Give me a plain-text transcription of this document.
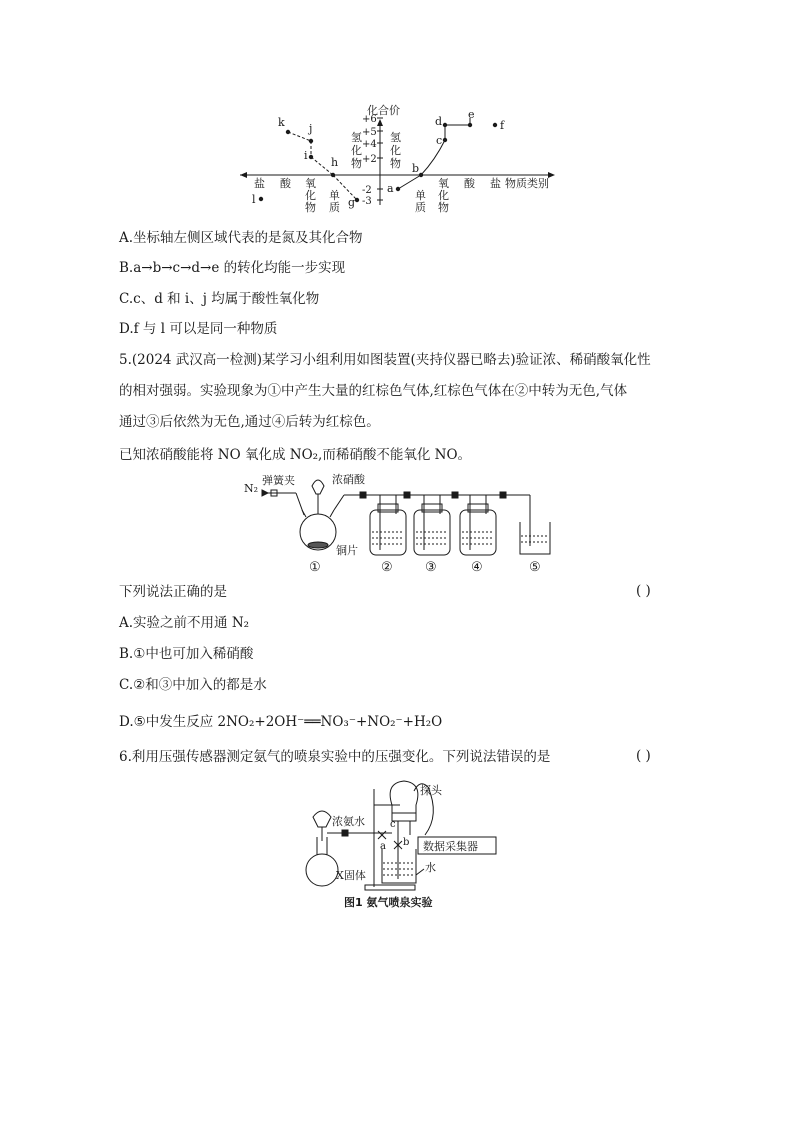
化合价
+6
+5
+4
+2
-2
-3
氢
化
物
氢
化
物
盐 酸 氧
化
物
单
质
单
质
氧
化
物
酸 盐 物质类别
k j
i
h
g
l
a
b
c
d
e
f
A.坐标轴左侧区域代表的是氮及其化合物
B.a→b→c→d→e 的转化均能一步实现
C.c、d 和 i、j 均属于酸性氧化物
D.f 与 l 可以是同一种物质
5.(2024 武汉高一检测)某学习小组利用如图装置(夹持仪器已略去)验证浓、稀硝酸氧化性
的相对强弱。实验现象为①中产生大量的红棕色气体,红棕色气体在②中转为无色,气体
通过③后依然为无色,通过④后转为红棕色。
已知浓硝酸能将 NO 氧化成 NO₂,而稀硝酸不能氧化 NO。
N₂
弹簧夹	浓硝酸
铜片
①	② ③	④	⑤
下列说法正确的是	( )
A.实验之前不用通 N₂
B.①中也可加入稀硝酸
C.②和③中加入的都是水
D.⑤中发生反应 2NO₂+2OH⁻══NO₃⁻+NO₂⁻+H₂O
6.利用压强传感器测定氨气的喷泉实验中的压强变化。下列说法错误的是	( )
探头
浓氨水	c
a b 数据采集器
X固体
水
图1 氨气喷泉实验
